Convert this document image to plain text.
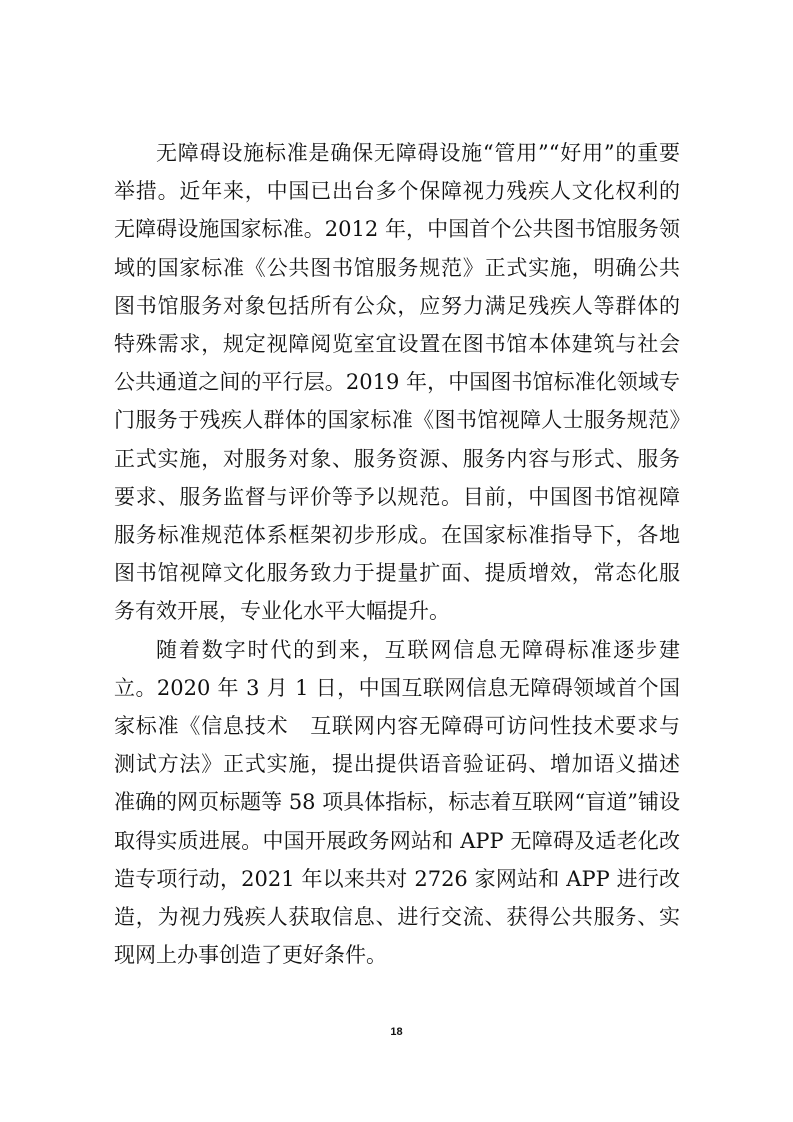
无障碍设施标准是确保无障碍设施“管用”“好用”的重要举措。近年来，中国已出台多个保障视力残疾人文化权利的无障碍设施国家标准。2012 年，中国首个公共图书馆服务领域的国家标准《公共图书馆服务规范》正式实施，明确公共图书馆服务对象包括所有公众，应努力满足残疾人等群体的特殊需求，规定视障阅览室宜设置在图书馆本体建筑与社会公共通道之间的平行层。2019 年，中国图书馆标准化领域专门服务于残疾人群体的国家标准《图书馆视障人士服务规范》正式实施，对服务对象、服务资源、服务内容与形式、服务要求、服务监督与评价等予以规范。目前，中国图书馆视障服务标准规范体系框架初步形成。在国家标准指导下，各地图书馆视障文化服务致力于提量扩面、提质增效，常态化服务有效开展，专业化水平大幅提升。

随着数字时代的到来，互联网信息无障碍标准逐步建立。2020 年 3 月 1 日，中国互联网信息无障碍领域首个国家标准《信息技术　互联网内容无障碍可访问性技术要求与测试方法》正式实施，提出提供语音验证码、增加语义描述准确的网页标题等 58 项具体指标，标志着互联网“盲道”铺设取得实质进展。中国开展政务网站和 APP 无障碍及适老化改造专项行动，2021 年以来共对 2726 家网站和 APP 进行改造，为视力残疾人获取信息、进行交流、获得公共服务、实现网上办事创造了更好条件。

18
